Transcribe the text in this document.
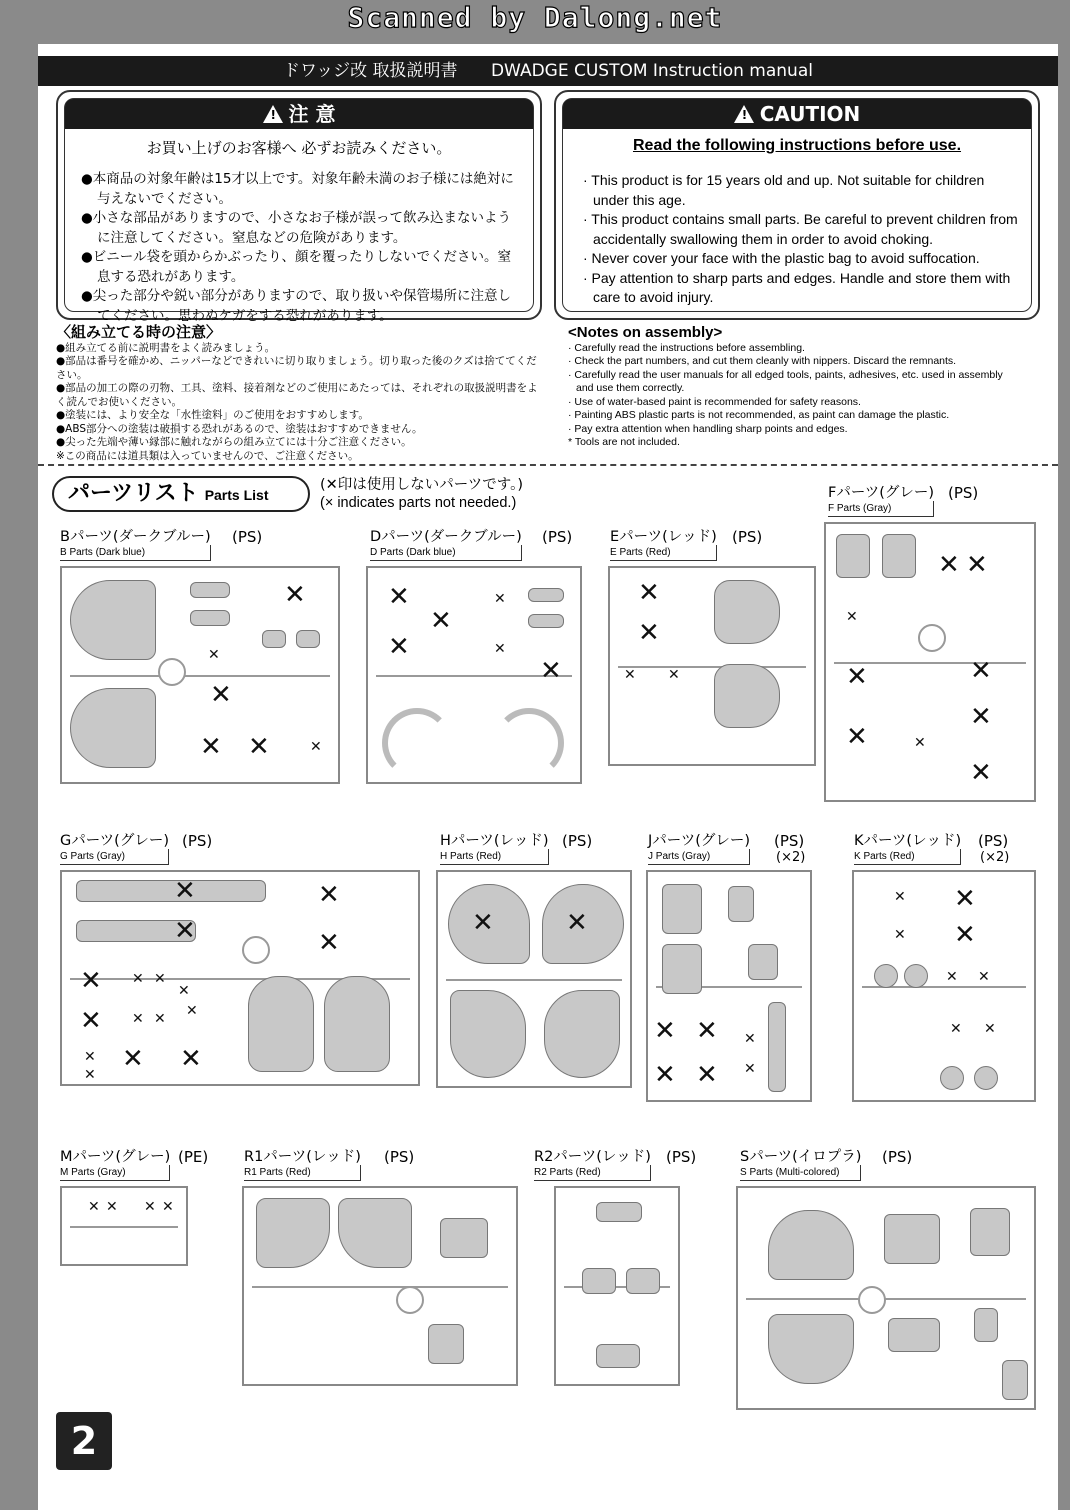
Scanned by Dalong.net
ドワッジ改 取扱説明書 DWADGE CUSTOM Instruction manual
!注 意
お買い上げのお客様へ 必ずお読みください。
●本商品の対象年齢は15才以上です。対象年齢未満のお子様には絶対に与えないでください。
●小さな部品がありますので、小さなお子様が誤って飲み込まないように注意してください。窒息などの危険があります。
●ビニール袋を頭からかぶったり、顔を覆ったりしないでください。窒息する恐れがあります。
●尖った部分や鋭い部分がありますので、取り扱いや保管場所に注意してください。思わぬケガをする恐れがあります。
!CAUTION
Read the following instructions before use.
· This product is for 15 years old and up. Not suitable for children under this age.
· This product contains small parts. Be careful to prevent children from accidentally swallowing them in order to avoid choking.
· Never cover your face with the plastic bag to avoid suffocation.
· Pay attention to sharp parts and edges. Handle and store them with care to avoid injury.
〈組み立てる時の注意〉
●組み立てる前に説明書をよく読みましょう。
●部品は番号を確かめ、ニッパーなどできれいに切り取りましょう。切り取った後のクズは捨ててください。
●部品の加工の際の刃物、工具、塗料、接着剤などのご使用にあたっては、それぞれの取扱説明書をよく読んでお使いください。
●塗装には、より安全な「水性塗料」のご使用をおすすめします。
●ABS部分への塗装は破損する恐れがあるので、塗装はおすすめできません。
●尖った先端や薄い縁部に触れながらの組み立てには十分ご注意ください。
※この商品には道具類は入っていませんので、ご注意ください。
<Notes on assembly>
· Carefully read the instructions before assembling.
· Check the part numbers, and cut them cleanly with nippers. Discard the remnants.
· Carefully read the user manuals for all edged tools, paints, adhesives, etc. used in assembly and use them correctly.
· Use of water-based paint is recommended for safety reasons.
· Painting ABS plastic parts is not recommended, as paint can damage the plastic.
· Pay extra attention when handling sharp points and edges.
* Tools are not included.
パーツリスト Parts List
(✕印は使用しないパーツです。)
(× indicates parts not needed.)
Bパーツ(ダークブルー)
B Parts (Dark blue)
(PS)	Dパーツ(ダークブルー)
D Parts (Dark blue)
(PS)	Eパーツ(レッド)
E Parts (Red)
(PS)
Fパーツ(グレー)
F Parts (Gray)
(PS)
✕
✕
✕
✕ ✕	✕
✕
✕
✕
✕
✕
✕
✕
✕
✕ ✕
✕ ✕
✕
✕
✕
✕
✕
✕
✕
Gパーツ(グレー)
G Parts (Gray)
(PS)	Hパーツ(レッド)
H Parts (Red)
(PS)	Jパーツ(グレー)
J Parts (Gray)
(PS)
(×2)
Kパーツ(レッド)
K Parts (Red)
(PS)
(×2)
✕
✕
✕
✕
✕
✕
✕ ✕
✕
✕ ✕ ✕
✕ ✕
✕
✕
✕	✕
✕ ✕
✕ ✕
✕
✕
✕ ✕
✕ ✕
✕ ✕
✕ ✕
Mパーツ(グレー)
M Parts (Gray)
(PE) R1パーツ(レッド)
R1 Parts (Red)
(PS)	R2パーツ(レッド)
R2 Parts (Red)
(PS)	Sパーツ(イロプラ)
S Parts (Multi-colored)
(PS)
✕ ✕ ✕ ✕
2
